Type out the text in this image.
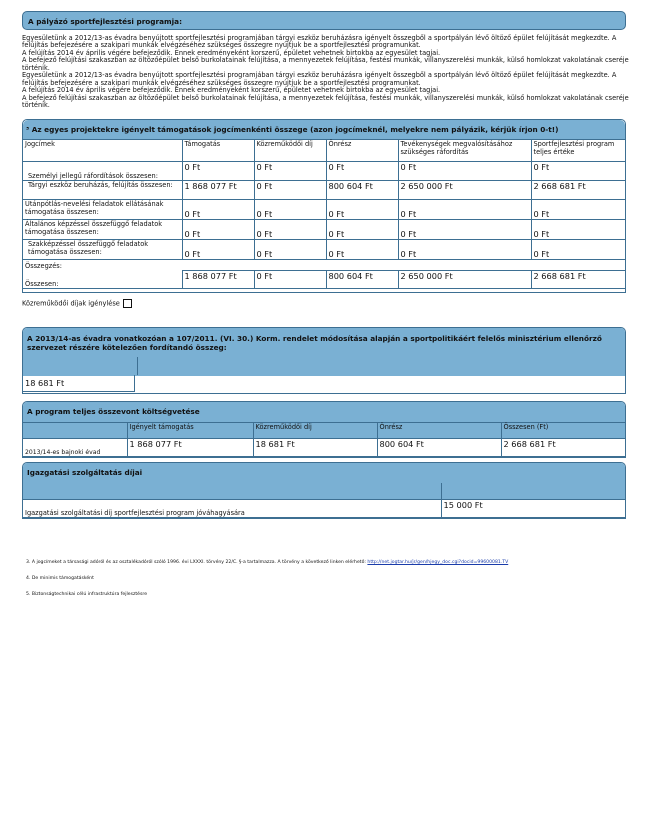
A pályázó sportfejlesztési programja:

Egyesületünk a 2012/13-as évadra benyújtott sportfejlesztési programjában tárgyi eszköz beruházásra igényelt összegből a sportpályán lévő öltöző épület felújítását megkezdte. A felújítás befejezésére a szakipari munkák elvégzéséhez szükséges összegre nyújtjuk be a sportfejlesztési programunkat.

A felújítás 2014 év április végére befejeződik. Ennek eredményeként korszerű, épületet vehetnek birtokba az egyesület tagjai.

A befejező felújítási szakaszban az öltözőépület belső burkolatainak felújítása, a mennyezetek felújítása, festési munkák, villanyszerelési munkák, külső homlokzat vakolatának cseréje történik.

Egyesületünk a 2012/13-as évadra benyújtott sportfejlesztési programjában tárgyi eszköz beruházásra igényelt összegből a sportpályán lévő öltöző épület felújítását megkezdte. A felújítás befejezésére a szakipari munkák elvégzéséhez szükséges összegre nyújtjuk be a sportfejlesztési programunkat.

A felújítás 2014 év április végére befejeződik. Ennek eredményeként korszerű, épületet vehetnek birtokba az egyesület tagjai.

A befejező felújítási szakaszban az öltözőépület belső burkolatainak felújítása, a mennyezetek felújítása, festési munkák, villanyszerelési munkák, külső homlokzat vakolatának cseréje történik.

³ Az egyes projektekre igényelt támogatások jogcímenkénti összege (azon jogcímeknél, melyekre nem pályázik, kérjük írjon 0-t!)
Jogcímek	Támogatás	Közreműködői díj	Önrész	Tevékenységek megvalósításához szükséges ráfordítás	Sportfejlesztési program teljes értéke
Személyi jellegű ráfordítások összesen:	0 Ft	0 Ft	0 Ft	0 Ft	0 Ft
Tárgyi eszköz beruházás, felújítás összesen:	1 868 077 Ft	0 Ft	800 604 Ft	2 650 000 Ft	2 668 681 Ft
Utánpótlás-nevelési feladatok ellátásának támogatása összesen:	0 Ft	0 Ft	0 Ft	0 Ft	0 Ft
Általános képzéssel összefüggő feladatok támogatása összesen:	0 Ft	0 Ft	0 Ft	0 Ft	0 Ft
Szakképzéssel összefüggő feladatok támogatása összesen:	0 Ft	0 Ft	0 Ft	0 Ft	0 Ft
Összegzés:					
Összesen:	1 868 077 Ft	0 Ft	800 604 Ft	2 650 000 Ft	2 668 681 Ft
Közreműködői díjak igénylése
A 2013/14-as évadra vonatkozóan a 107/2011. (VI. 30.) Korm. rendelet módosítása alapján a sportpolitikáért felelős minisztérium ellenőrző szervezet részére kötelezően fordítandó összeg:
18 681 Ft
A program teljes összevont költségvetése
	Igényelt támogatás	Közreműködői díj	Önrész	Összesen (Ft)
2013/14-es bajnoki évad	1 868 077 Ft	18 681 Ft	800 604 Ft	2 668 681 Ft
Igazgatási szolgáltatás díjai

Igazgatási szolgáltatási díj sportfejlesztési program jóváhagyására	15 000 Ft

3. A jogcímeket a társasági adóról és az osztalékadóról szóló 1996. évi LXXXI. törvény 22/C. §-a tartalmazza. A törvény a következő linken elérhető: http://net.jogtar.hu/jr/gen/hjegy_doc.cgi?docid=99600081.TV

4. De minimis támogatásként

5. Biztonságtechnikai célú infrastruktúra fejlesztésre
